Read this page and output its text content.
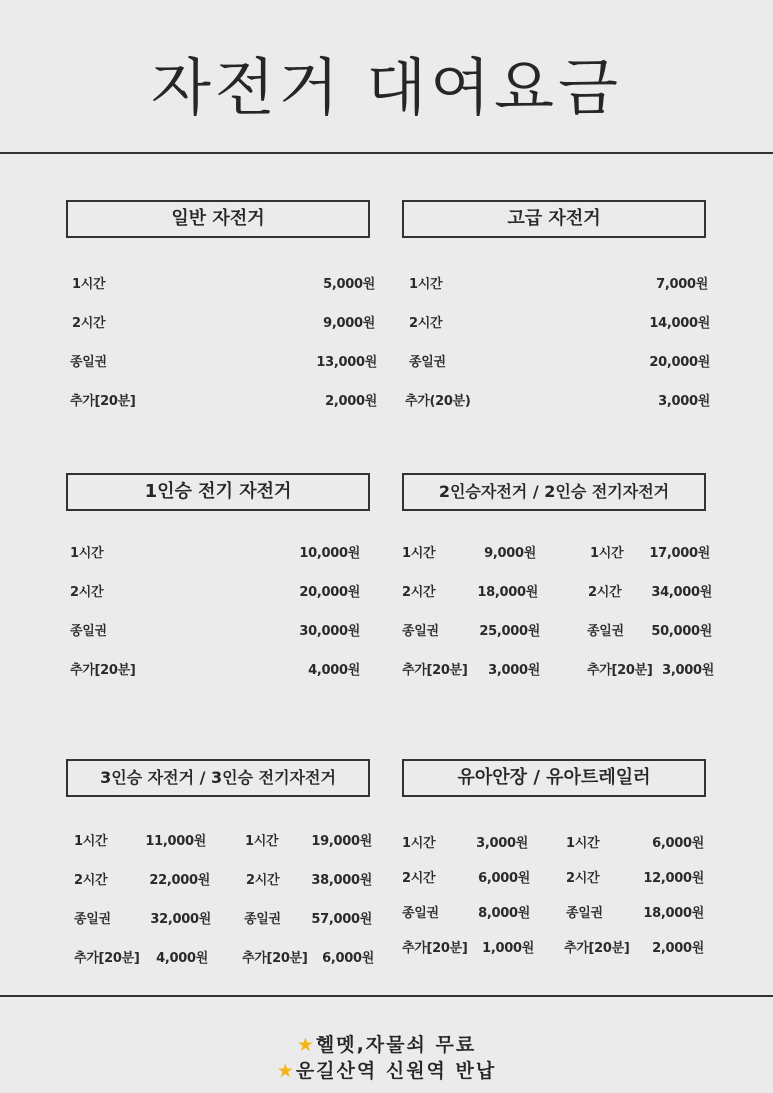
자전거 대여요금
일반 자전거
1시간	5,000원
2시간	9,000원
종일권	13,000원
추가[20분]	2,000원
고급 자전거
1시간	7,000원
2시간	14,000원
종일권	20,000원
추가(20분)	3,000원
1인승 전기 자전거
1시간	10,000원
2시간	20,000원
종일권	30,000원
추가[20분]	4,000원
2인승자전거 / 2인승 전기자전거
1시간	9,000원
2시간	18,000원
종일권	25,000원
추가[20분]	3,000원
1시간	17,000원
2시간	34,000원
종일권	50,000원
추가[20분] 3,000원
3인승 자전거 / 3인승 전기자전거
1시간	11,000원
2시간	22,000원
종일권	32,000원
추가[20분]	4,000원
1시간	19,000원
2시간	38,000원
종일권	57,000원
추가[20분]	6,000원
유아안장 / 유아트레일러
1시간	3,000원
2시간	6,000원
종일권	8,000원
추가[20분]	1,000원
1시간	6,000원
2시간	12,000원
종일권	18,000원
추가[20분]	2,000원
★헬멧,자물쇠 무료
★운길산역 신원역 반납
